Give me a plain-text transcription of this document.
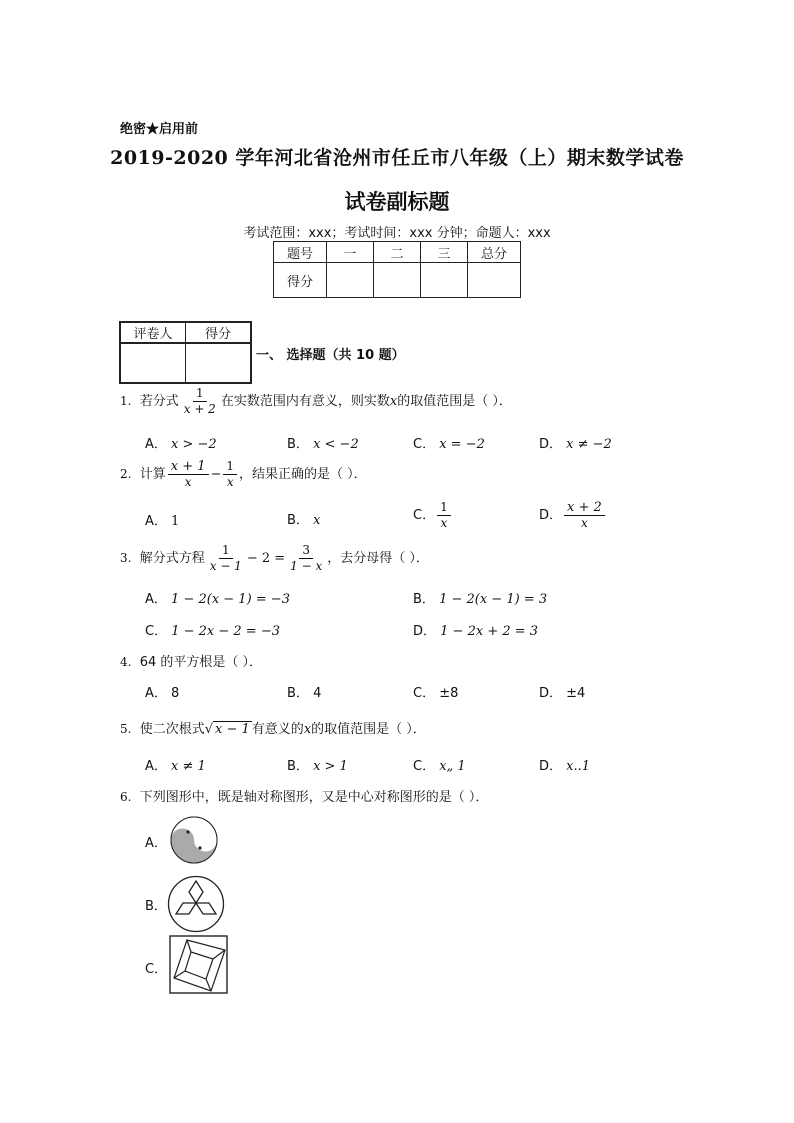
绝密★启用前
2019-2020 学年河北省沧州市任丘市八年级（上）期末数学试卷
试卷副标题
考试范围：xxx；考试时间：xxx 分钟；命题人：xxx
题号	一	二	三	总分
得分				
评卷人	得分

一、 选择题（共 10 题）
1. 若分式 $\frac{1}{x + 2}$ 在实数范围内有意义，则实数x的取值范围是（ ）．
A． x > −2	B． x < −2	C． x = −2	D． x ≠ −2
2. 计算 $\frac{x + 1}{x} - \frac{1}{x}$ ，结果正确的是（ ）．
A． 1	B． x	C． $\frac{1}{x}$	D． $\frac{x + 2}{x}$
3. 解分式方程 $\frac{1}{x - 1} - 2 = \frac{3}{1 - x}$ ，去分母得（ ）．
A． 1 − 2(x − 1) = −3	B． 1 − 2(x − 1) = 3
C． 1 − 2x − 2 = −3	D． 1 − 2x + 2 = 3
4. 64 的平方根是（ ）．
A． 8	B． 4	C． ±8	D． ±4
5. 使二次根式√ x − 1 有意义的x的取值范围是（ ）．
A． x ≠ 1	B． x > 1	C． x„ 1	D． x..1
6. 下列图形中，既是轴对称图形，又是中心对称图形的是（ ）．
A．
B．
C．
